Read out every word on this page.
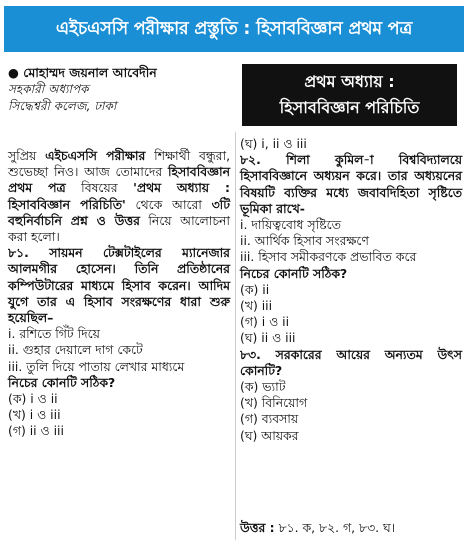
এইচএসসি পরীক্ষার প্রস্তুতি : হিসাববিজ্ঞান প্রথম পত্র
● মোহাম্মদ জয়নাল আবেদীন
সহকারী অধ্যাপক
সিদ্ধেশ্বরী কলেজ, ঢাকা
প্রথম অধ্যায় :
হিসাববিজ্ঞান পরিচিতি

সুপ্রিয় এইচএসসি পরীক্ষার শিক্ষার্থী বন্ধুরা, শুভেচ্ছা নিও। আজ তোমাদের হিসাববিজ্ঞান প্রথম পত্র বিষয়ের 'প্রথম অধ্যায় : হিসাববিজ্ঞান পরিচিতি' থেকে আরো ৩টি বহুনির্বাচনি প্রশ্ন ও উত্তর নিয়ে আলোচনা করা হলো।

৮১. সায়মন টেক্সটাইলের ম্যানেজার আলমগীর হোসেন। তিনি প্রতিষ্ঠানের কম্পিউটারের মাধ্যমে হিসাব করেন। আদিম যুগে তার এ হিসাব সংরক্ষণের ধারা শুরু হয়েছিল–

i. রশিতে গিঁট দিয়ে
ii. গুহার দেয়ালে দাগ কেটে
iii. তুলি দিয়ে পাতায় লেখার মাধ্যমে
নিচের কোনটি সঠিক?
(ক) i ও ii
(খ) i ও iii
(গ) ii ও iii
(ঘ) i, ii ও iii

৮২. শিলা কুমিল-া বিশ্ববিদ্যালয়ে হিসাববিজ্ঞানে অধ্যয়ন করে। তার অধ্যয়নের বিষয়টি ব্যক্তির মধ্যে জবাবদিহিতা সৃষ্টিতে ভূমিকা রাখে-

i. দায়িত্ববোধ সৃষ্টিতে
ii. আর্থিক হিসাব সংরক্ষণে
iii. হিসাব সমীকরণকে প্রভাবিত করে
নিচের কোনটি সঠিক?
(ক) ii
(খ) iii
(গ) i ও ii
(ঘ) ii ও iii

৮৩. সরকারের আয়ের অন্যতম উৎস কোনটি?

(ক) ভ্যাট
(খ) বিনিয়োগ
(গ) ব্যবসায়
(ঘ) আয়কর
উত্তর : ৮১. ক, ৮২. গ, ৮৩. ঘ।
